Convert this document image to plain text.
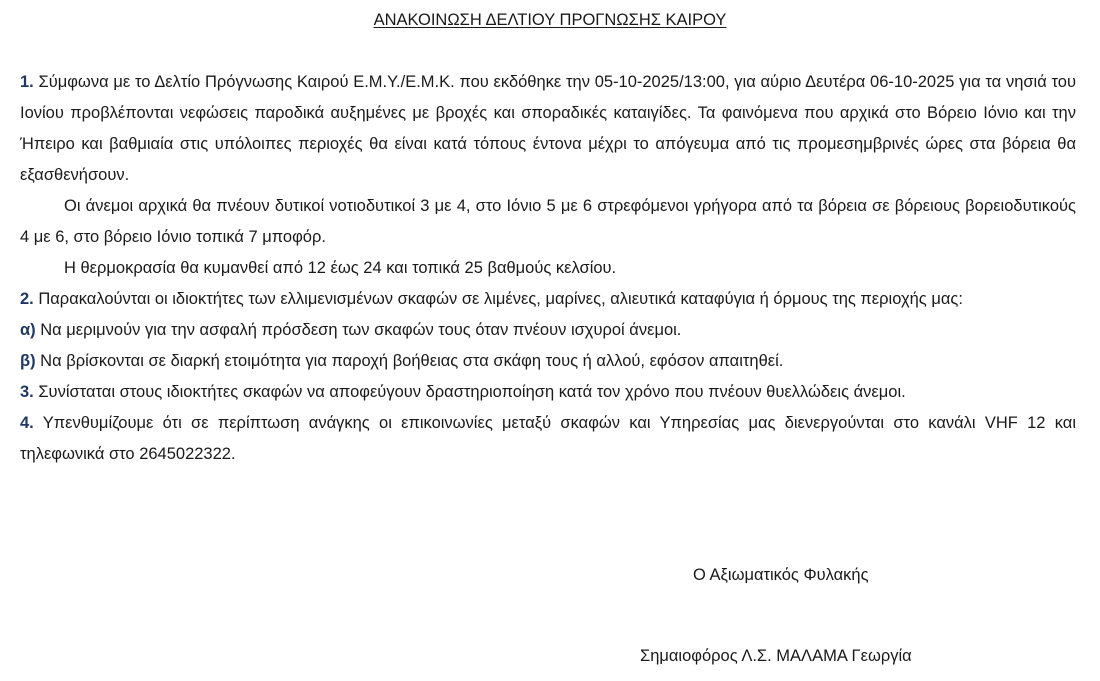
ΑΝΑΚΟΙΝΩΣΗ ΔΕΛΤΙΟΥ ΠΡΟΓΝΩΣΗΣ ΚΑΙΡΟΥ

1. Σύμφωνα με το Δελτίο Πρόγνωσης Καιρού Ε.Μ.Υ./Ε.Μ.Κ. που εκδόθηκε την 05-10-2025/13:00, για αύριο Δευτέρα 06-10-2025 για τα νησιά του Ιονίου προβλέπονται νεφώσεις παροδικά αυξημένες με βροχές και σποραδικές καταιγίδες. Τα φαινόμενα που αρχικά στο Βόρειο Ιόνιο και την Ήπειρο και βαθμιαία στις υπόλοιπες περιοχές θα είναι κατά τόπους έντονα μέχρι το απόγευμα από τις προμεσημβρινές ώρες στα βόρεια θα εξασθενήσουν.

Οι άνεμοι αρχικά θα πνέουν δυτικοί νοτιοδυτικοί 3 με 4, στο Ιόνιο 5 με 6 στρεφόμενοι γρήγορα από τα βόρεια σε βόρειους βορειοδυτικούς 4 με 6, στο βόρειο Ιόνιο τοπικά 7 μποφόρ.

Η θερμοκρασία θα κυμανθεί από 12 έως 24 και τοπικά 25 βαθμούς κελσίου.

2. Παρακαλούνται οι ιδιοκτήτες των ελλιμενισμένων σκαφών σε λιμένες, μαρίνες, αλιευτικά καταφύγια ή όρμους της περιοχής μας:

α) Να μεριμνούν για την ασφαλή πρόσδεση των σκαφών τους όταν πνέουν ισχυροί άνεμοι.

β) Να βρίσκονται σε διαρκή ετοιμότητα για παροχή βοήθειας στα σκάφη τους ή αλλού, εφόσον απαιτηθεί.

3. Συνίσταται στους ιδιοκτήτες σκαφών να αποφεύγουν δραστηριοποίηση κατά τον χρόνο που πνέουν θυελλώδεις άνεμοι.

4. Υπενθυμίζουμε ότι σε περίπτωση ανάγκης οι επικοινωνίες μεταξύ σκαφών και Υπηρεσίας μας διενεργούνται στο κανάλι VHF 12 και τηλεφωνικά στο 2645022322.

Ο Αξιωματικός Φυλακής
Σημαιοφόρος Λ.Σ. ΜΑΛΑΜΑ Γεωργία
